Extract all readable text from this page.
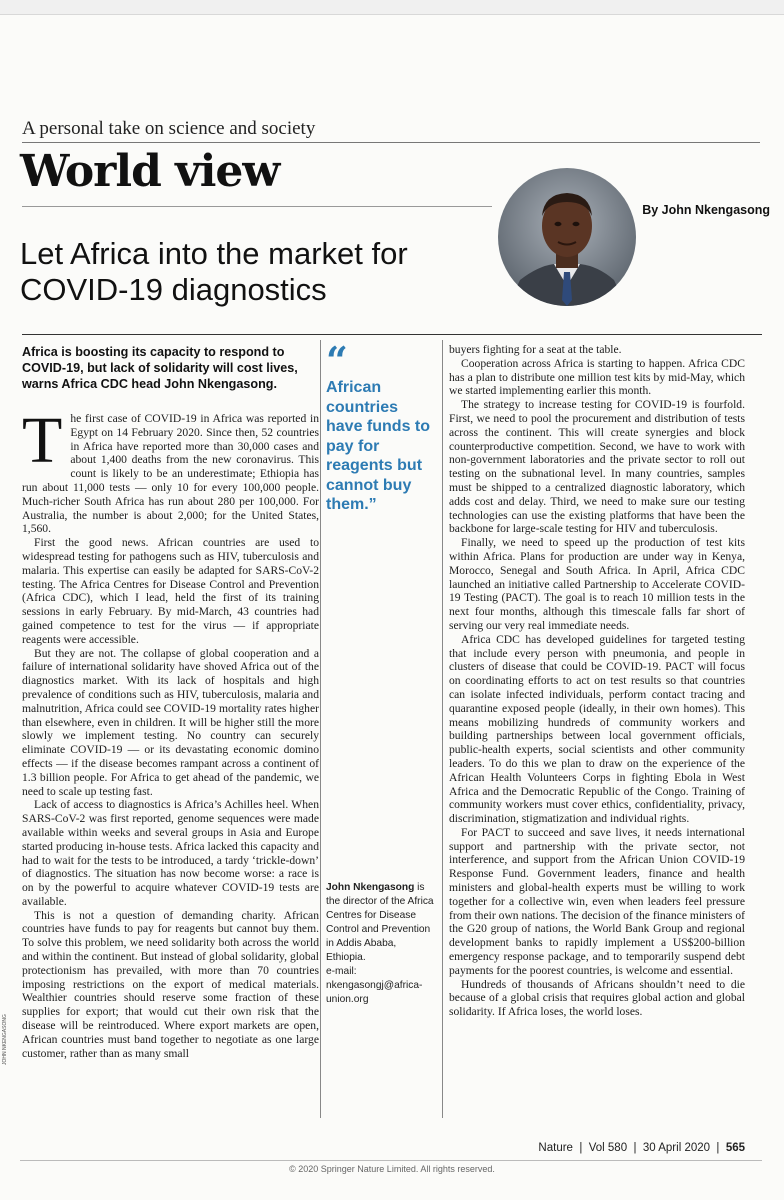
A personal take on science and society
World view
Let Africa into the market for COVID-19 diagnostics
By John Nkengasong

Africa is boosting its capacity to respond to COVID-19, but lack of solidarity will cost lives, warns Africa CDC head John Nkengasong.

T he first case of COVID-19 in Africa was reported in Egypt on 14 February 2020. Since then, 52 countries in Africa have reported more than 30,000 cases and about 1,400 deaths from the new coronavirus. This count is likely to be an underestimate; Ethiopia has run about 11,000 tests — only 10 for every 100,000 people. Much-richer South Africa has run about 280 per 100,000. For Australia, the number is about 2,000; for the United States, 1,560.

First the good news. African countries are used to widespread testing for pathogens such as HIV, tuberculosis and malaria. This expertise can easily be adapted for SARS-CoV-2 testing. The Africa Centres for Disease Control and Prevention (Africa CDC), which I lead, held the first of its training sessions in early February. By mid-March, 43 countries had gained competence to test for the virus — if appropriate reagents were accessible.

But they are not. The collapse of global cooperation and a failure of international solidarity have shoved Africa out of the diagnostics market. With its lack of hospitals and high prevalence of conditions such as HIV, tuberculosis, malaria and malnutrition, Africa could see COVID-19 mortality rates higher than elsewhere, even in children. It will be higher still the more slowly we implement testing. No country can securely eliminate COVID-19 — or its devastating economic domino effects — if the disease becomes rampant across a continent of 1.3 billion people. For Africa to get ahead of the pandemic, we need to scale up testing fast.

Lack of access to diagnostics is Africa’s Achilles heel. When SARS-CoV-2 was first reported, genome sequences were made available within weeks and several groups in Asia and Europe started producing in-house tests. Africa lacked this capacity and had to wait for the tests to be introduced, a tardy ‘trickle-down’ of diagnostics. The situation has now become worse: a race is on by the powerful to acquire whatever COVID-19 tests are available.

This is not a question of demanding charity. African countries have funds to pay for reagents but cannot buy them. To solve this problem, we need solidarity both across the world and within the continent. But instead of global solidarity, global protectionism has prevailed, with more than 70 countries imposing restrictions on the export of medical materials. Wealthier countries should reserve some fraction of these supplies for export; that would cut their own risk that the disease will be reintroduced. Where export markets are open, African countries must band together to negotiate as one large customer, rather than as many small

“
African countries have funds to pay for reagents but cannot buy them.”
John Nkengasong is the director of the Africa Centres for Disease Control and Prevention in Addis Ababa, Ethiopia.
e-mail:
nkengasongj@africa-union.org

buyers fighting for a seat at the table.

Cooperation across Africa is starting to happen. Africa CDC has a plan to distribute one million test kits by mid-May, which we started implementing earlier this month.

The strategy to increase testing for COVID-19 is fourfold. First, we need to pool the procurement and distribution of tests across the continent. This will create synergies and block counterproductive competition. Second, we have to work with non-government laboratories and the private sector to roll out testing on the subnational level. In many countries, samples must be shipped to a centralized diagnostic laboratory, which adds cost and delay. Third, we need to make sure our testing technologies can use the existing platforms that have been the backbone for large-scale testing for HIV and tuberculosis.

Finally, we need to speed up the production of test kits within Africa. Plans for production are under way in Kenya, Morocco, Senegal and South Africa. In April, Africa CDC launched an initiative called Partnership to Accelerate COVID-19 Testing (PACT). The goal is to reach 10 million tests in the next four months, although this timescale falls far short of serving our very real immediate needs.

Africa CDC has developed guidelines for targeted testing that include every person with pneumonia, and people in clusters of disease that could be COVID-19. PACT will focus on coordinating efforts to act on test results so that countries can isolate infected individuals, perform contact tracing and quarantine exposed people (ideally, in their own homes). This means mobilizing hundreds of community workers and building partnerships between local government officials, public-health experts, social scientists and other community leaders. To do this we plan to draw on the experience of the African Health Volunteers Corps in fighting Ebola in West Africa and the Democratic Republic of the Congo. Training of community workers must cover ethics, confidentiality, privacy, discrimination, stigmatization and individual rights.

For PACT to succeed and save lives, it needs international support and partnership with the private sector, not interference, and support from the African Union COVID-19 Response Fund. Government leaders, finance and health ministers and global-health experts must be willing to work together for a collective win, even when leaders feel pressure from their own nations. The decision of the finance ministers of the G20 group of nations, the World Bank Group and regional development banks to rapidly implement a US$200-billion emergency response package, and to temporarily suspend debt payments for the poorest countries, is welcome and essential.

Hundreds of thousands of Africans shouldn’t need to die because of a global crisis that requires global action and global solidarity. If Africa loses, the world loses.

JOHN NKENGASONG
Nature  |  Vol 580  |  30 April 2020  |  565
© 2020 Springer Nature Limited. All rights reserved.
